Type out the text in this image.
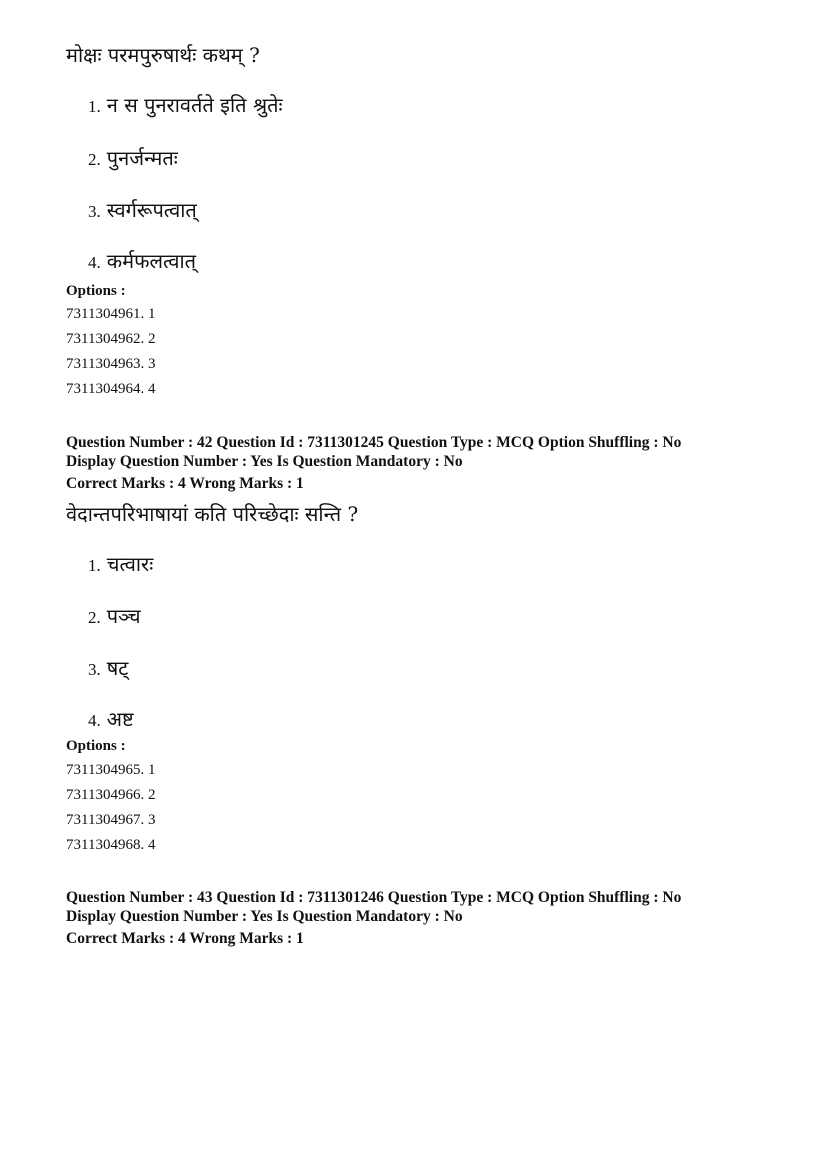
मोक्षः परमपुरुषार्थः कथम् ?
1. न स पुनरावर्तते इति श्रुतेः
2. पुनर्जन्मतः
3. स्वर्गरूपत्वात्
4. कर्मफलत्वात्
Options :
7311304961. 1
7311304962. 2
7311304963. 3
7311304964. 4
Question Number : 42 Question Id : 7311301245 Question Type : MCQ Option Shuffling : No
Display Question Number : Yes Is Question Mandatory : No
Correct Marks : 4 Wrong Marks : 1
वेदान्तपरिभाषायां कति परिच्छेदाः सन्ति ?
1. चत्वारः
2. पञ्च
3. षट्
4. अष्ट
Options :
7311304965. 1
7311304966. 2
7311304967. 3
7311304968. 4
Question Number : 43 Question Id : 7311301246 Question Type : MCQ Option Shuffling : No
Display Question Number : Yes Is Question Mandatory : No
Correct Marks : 4 Wrong Marks : 1
